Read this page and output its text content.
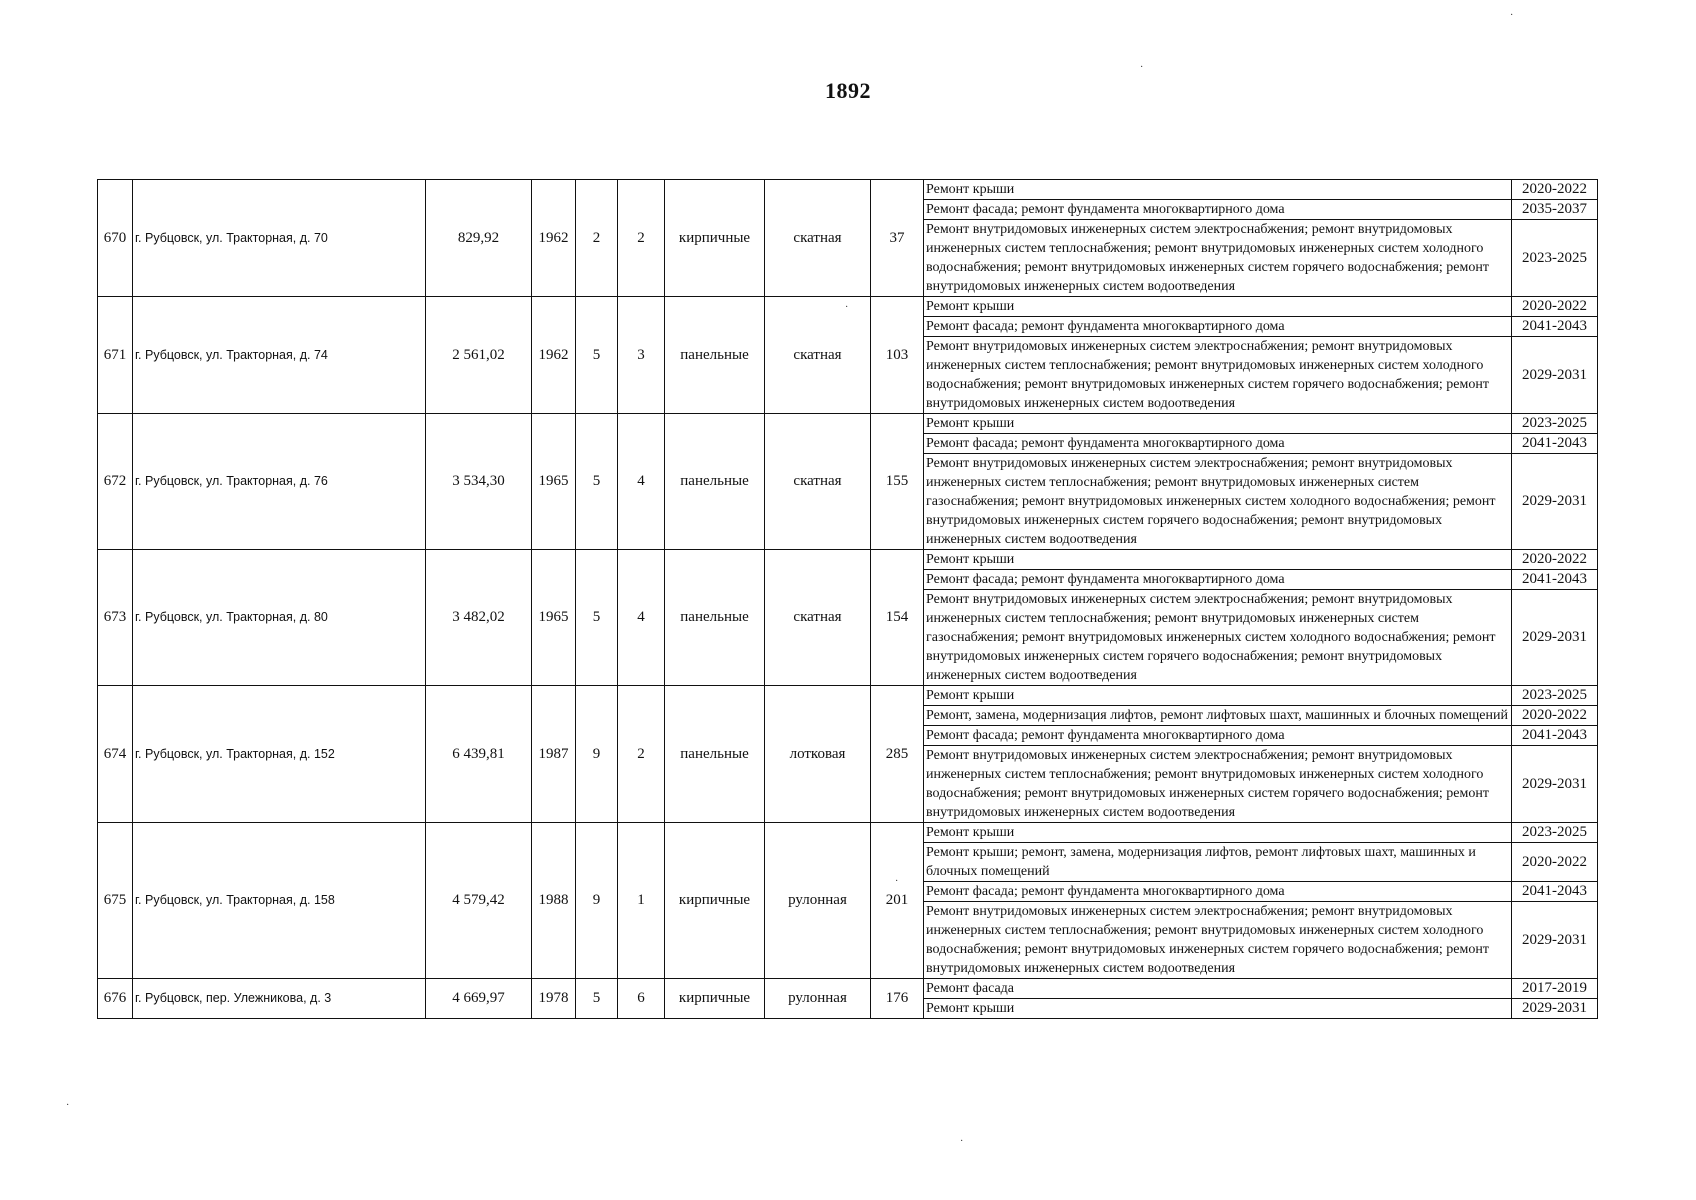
1892
670	г. Рубцовск, ул. Тракторная, д. 70	829,92	1962	2	2	кирпичные	скатная	37	Ремонт крыши	2020-2022
									Ремонт фасада; ремонт фундамента многоквартирного дома	2035-2037
									Ремонт внутридомовых инженерных систем электроснабжения; ремонт внутридомовых инженерных систем теплоснабжения; ремонт внутридомовых инженерных систем холодного водоснабжения; ремонт внутридомовых инженерных систем горячего водоснабжения; ремонт внутридомовых инженерных систем водоотведения	2023-2025
671	г. Рубцовск, ул. Тракторная, д. 74	2 561,02	1962	5	3	панельные	скатная	103	Ремонт крыши	2020-2022
									Ремонт фасада; ремонт фундамента многоквартирного дома	2041-2043
									Ремонт внутридомовых инженерных систем электроснабжения; ремонт внутридомовых инженерных систем теплоснабжения; ремонт внутридомовых инженерных систем холодного водоснабжения; ремонт внутридомовых инженерных систем горячего водоснабжения; ремонт внутридомовых инженерных систем водоотведения	2029-2031
672	г. Рубцовск, ул. Тракторная, д. 76	3 534,30	1965	5	4	панельные	скатная	155	Ремонт крыши	2023-2025
									Ремонт фасада; ремонт фундамента многоквартирного дома	2041-2043
									Ремонт внутридомовых инженерных систем электроснабжения; ремонт внутридомовых инженерных систем теплоснабжения; ремонт внутридомовых инженерных систем газоснабжения; ремонт внутридомовых инженерных систем холодного водоснабжения; ремонт внутридомовых инженерных систем горячего водоснабжения; ремонт внутридомовых инженерных систем водоотведения	2029-2031
673	г. Рубцовск, ул. Тракторная, д. 80	3 482,02	1965	5	4	панельные	скатная	154	Ремонт крыши	2020-2022
									Ремонт фасада; ремонт фундамента многоквартирного дома	2041-2043
									Ремонт внутридомовых инженерных систем электроснабжения; ремонт внутридомовых инженерных систем теплоснабжения; ремонт внутридомовых инженерных систем газоснабжения; ремонт внутридомовых инженерных систем холодного водоснабжения; ремонт внутридомовых инженерных систем горячего водоснабжения; ремонт внутридомовых инженерных систем водоотведения	2029-2031
674	г. Рубцовск, ул. Тракторная, д. 152	6 439,81	1987	9	2	панельные	лотковая	285	Ремонт крыши	2023-2025
									Ремонт, замена, модернизация лифтов, ремонт лифтовых шахт, машинных и блочных помещений	2020-2022
									Ремонт фасада; ремонт фундамента многоквартирного дома	2041-2043
									Ремонт внутридомовых инженерных систем электроснабжения; ремонт внутридомовых инженерных систем теплоснабжения; ремонт внутридомовых инженерных систем холодного водоснабжения; ремонт внутридомовых инженерных систем горячего водоснабжения; ремонт внутридомовых инженерных систем водоотведения	2029-2031
675	г. Рубцовск, ул. Тракторная, д. 158	4 579,42	1988	9	1	кирпичные	рулонная	201	Ремонт крыши	2023-2025
									Ремонт крыши; ремонт, замена, модернизация лифтов, ремонт лифтовых шахт, машинных и блочных помещений	2020-2022
									Ремонт фасада; ремонт фундамента многоквартирного дома	2041-2043
									Ремонт внутридомовых инженерных систем электроснабжения; ремонт внутридомовых инженерных систем теплоснабжения; ремонт внутридомовых инженерных систем холодного водоснабжения; ремонт внутридомовых инженерных систем горячего водоснабжения; ремонт внутридомовых инженерных систем водоотведения	2029-2031
676	г. Рубцовск, пер. Улежникова, д. 3	4 669,97	1978	5	6	кирпичные	рулонная	176	Ремонт фасада	2017-2019
									Ремонт крыши	2029-2031
·
·
·
·
·
·
